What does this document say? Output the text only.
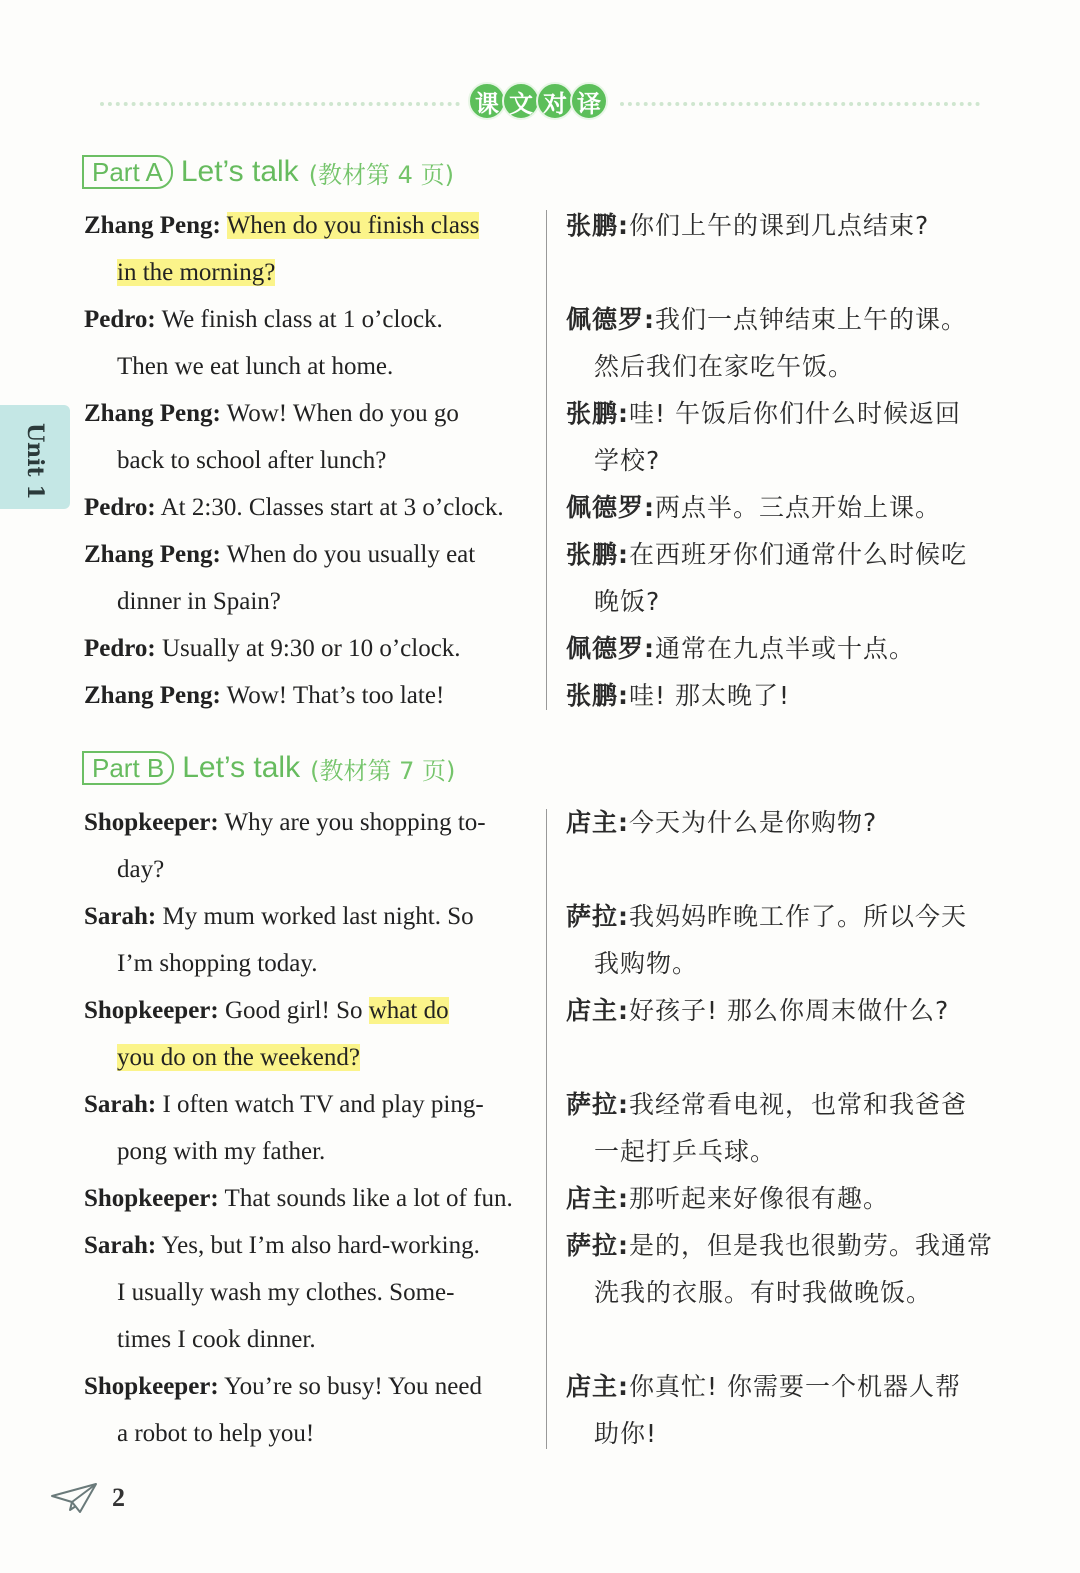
课 文 对 译
Unit 1
Part A Let’s talk (教材第 4 页)
Zhang Peng: When do you finish class
in the morning?
张鹏:你们上午的课到几点结束?
Pedro: We finish class at 1 o’clock.
Then we eat lunch at home.
佩德罗:我们一点钟结束上午的课。
然后我们在家吃午饭。
Zhang Peng: Wow! When do you go
back to school after lunch?
张鹏:哇! 午饭后你们什么时候返回
学校?
Pedro: At 2:30. Classes start at 3 o’clock.	佩德罗:两点半。三点开始上课。
Zhang Peng: When do you usually eat
dinner in Spain?
张鹏:在西班牙你们通常什么时候吃
晚饭?
Pedro: Usually at 9:30 or 10 o’clock.	佩德罗:通常在九点半或十点。
Zhang Peng: Wow! That’s too late!	张鹏:哇! 那太晚了!
Part B Let’s talk (教材第 7 页)
Shopkeeper: Why are you shopping to-
day?
店主:今天为什么是你购物?
Sarah: My mum worked last night. So
I’m shopping today.
萨拉:我妈妈昨晚工作了。所以今天
我购物。
Shopkeeper: Good girl! So what do
you do on the weekend?
店主:好孩子! 那么你周末做什么?
Sarah: I often watch TV and play ping-
pong with my father.
萨拉:我经常看电视，也常和我爸爸
一起打乒乓球。
Shopkeeper: That sounds like a lot of fun.	店主:那听起来好像很有趣。
Sarah: Yes, but I’m also hard-working.
I usually wash my clothes. Some-
times I cook dinner.
萨拉:是的，但是我也很勤劳。我通常
洗我的衣服。有时我做晚饭。
Shopkeeper: You’re so busy! You need
a robot to help you!
店主:你真忙! 你需要一个机器人帮
助你!
2
